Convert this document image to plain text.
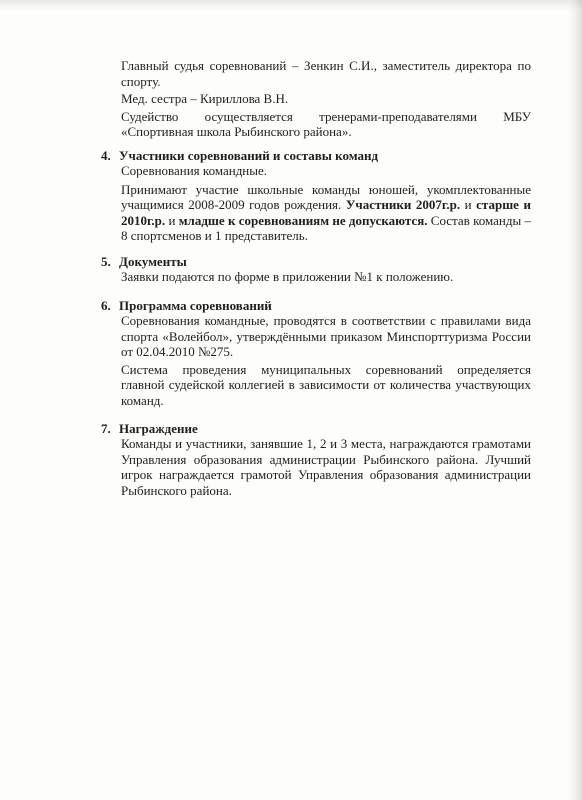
Главный судья соревнований – Зенкин С.И., заместитель директора по спорту.

Мед. сестра – Кириллова В.Н.

Судейство осуществляется тренерами-преподавателями МБУ «Спортивная школа Рыбинского района».

4. Участники соревнований и составы команд

Соревнования командные.

Принимают участие школьные команды юношей, укомплектованные учащимися 2008-2009 годов рождения. Участники 2007г.р. и старше и 2010г.р. и младше к соревнованиям не допускаются. Состав команды – 8 спортсменов и 1 представитель.

5. Документы

Заявки подаются по форме в приложении №1 к положению.

6. Программа соревнований

Соревнования командные, проводятся в соответствии с правилами вида спорта «Волейбол», утверждёнными приказом Минспорттуризма России от 02.04.2010 №275.

Система проведения муниципальных соревнований определяется главной судейской коллегией в зависимости от количества участвующих команд.

7. Награждение

Команды и участники, занявшие 1, 2 и 3 места, награждаются грамотами Управления образования администрации Рыбинского района. Лучший игрок награждается грамотой Управления образования администрации Рыбинского района.
